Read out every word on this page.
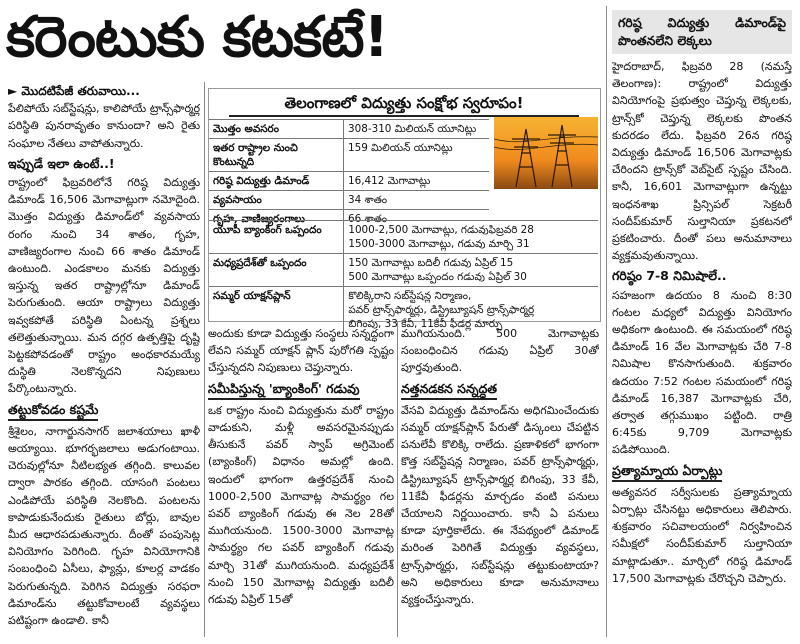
కరెంటుకు కటకటే!
► మొదటిపేజీ తరువాయి...

పేలిపోయే సబ్‌స్టేషన్లు, కాలిపోయే ట్రాన్స్‌ఫార్మర్ల పరిస్థితి పునరావృతం కానుందా? అని రైతు సంఘాల నేతలు వాపోతున్నారు.

ఇప్పుడే ఇలా ఉంటే..!

రాష్ట్రంలో ఫిబ్రవరిలోనే గరిష్ఠ విద్యుత్తు డిమాండ్ 16,506 మెగావాట్లుగా నమోదైంది. మొత్తం విద్యుత్తు డిమాండ్‌లో వ్యవసాయ రంగం నుంచి 34 శాతం, గృహ, వాణిజ్యరంగాల నుంచి 66 శాతం డిమాండ్ ఉంటుంది. ఎండకాలం మనకు విద్యుత్తు ఇస్తున్న ఇతర రాష్ట్రాల్లోనూ డిమాండ్ పెరుగుతుంది. ఆయా రాష్ట్రాలు విద్యుత్తు ఇవ్వకపోతే పరిస్థితి ఏంటన్న ప్రశ్నలు తలెత్తుతున్నాయి. మన దగ్గర ఉత్పత్తిపై దృష్టి పెట్టకపోవడంతో రాష్ట్రం అంధకారమయ్యే దుస్థితి నెలకొన్నదని నిపుణులు పేర్కొంటున్నారు.

తట్టుకోవడం కష్టమే

శ్రీశైలం, నాగార్జునసాగర్ జలాశయాలు ఖాళీ అయ్యాయి. భూగర్భజలాలు అడుగంటాయి. చెరువుల్లోనూ నీటిలభ్యత తగ్గింది. కాలువల ద్వారా పారకం తగ్గింది. యాసంగి పంటలు ఎండిపోయే పరిస్థితి నెలకొంది. పంటలను కాపాడుకునేందుకు రైతులు బోర్లు, బావుల మీద ఆధారపడుతున్నారు. దీంతో పంపుసెట్ల వినియోగం పెరిగింది. గృహ వినియోగానికి సంబంధించి ఏసీలు, ఫ్యాన్లు, కూలర్ల వాడకం పెరుగుతున్నది. పెరిగిన విద్యుత్తు సరఫరా డిమాండ్‌ను తట్టుకోవాలంటే వ్యవస్థలు పటిష్టంగా ఉండాలి. కానీ

తెలంగాణలో విద్యుత్తు సంక్షోభ స్వరూపం!
మొత్తం అవసరం	308-310 మిలియన్ యూనిట్లు
ఇతర రాష్ట్రాల నుంచి కొంటున్నది	159 మిలియన్ యూనిట్లు
గరిష్ఠ విద్యుత్తు డిమాండ్	16,412 మెగావాట్లు
వ్యవసాయం	34 శాతం
గృహ, వాణిజ్యరంగాలు	66 శాతం
యూపీ బ్యాంకింగ్ ఒప్పందం	1000-2,500 మెగావాట్లు, గడువుఫిబ్రవరి 28
1500-3000 మెగావాట్లు, గడువు మార్చి 31

మధ్యప్రదేశ్‌తో ఒప్పందం	150 మెగావాట్లు బదిలీ గడువు ఏప్రిల్ 15
500 మెగావాట్లు ఒప్పందం గడువు ఏప్రిల్ 30

సమ్మర్ యాక్షన్‌ప్లాన్	కొలిక్కిరాని సబ్‌స్టేషన్ల నిర్మాణం,
పవర్ ట్రాన్స్‌ఫార్మర్లు, డిస్ట్రిబ్యూషన్ ట్రాన్స్‌ఫార్మర్ల
బిగింపు, 33 కేవీ, 11కేవీ ఫీడర్ల మార్పు

అందుకు కూడా విద్యుత్తు సంస్థలు సన్నద్ధంగా లేవని సమ్మర్ యాక్షన్ ప్లాన్ పురోగతి స్పష్టం చేస్తున్నదని నిపుణులు చెప్తున్నారు.

సమీపిస్తున్న 'బ్యాంకింగ్' గడువు

ఒక రాష్ట్రం నుంచి విద్యుత్తును మరో రాష్ట్రం వాడుకుని, మళ్లీ అవసరమైనప్పుడు తీసుకునే పవర్ స్వాప్ అగ్రిమెంట్ (బ్యాంకింగ్) విధానం అమల్లో ఉంది. ఇందులో భాగంగా ఉత్తరప్రదేశ్ నుంచి 1000-2,500 మెగావాట్ల సామర్థ్యం గల పవర్ బ్యాంకింగ్ గడువు ఈ నెల 28తో ముగియనుంది. 1500-3000 మెగావాట్ల సామర్థ్యం గల పవర్ బ్యాంకింగ్ గడువు మార్చి 31తో ముగియనుంది. మధ్యప్రదేశ్ నుంచి 150 మెగావాట్ల విద్యుత్తు బదిలీ గడువు ఏప్రిల్ 15తో

ముగియనుంది. 500 మెగావాట్లకు సంబంధించిన గడువు ఏప్రిల్ 30తో పూర్తవుతుంది.

నత్తనడకన సన్నద్ధత

వేసవి విద్యుత్తు డిమాండ్‌ను అధిగమించేందుకు సమ్మర్ యాక్షన్‌ప్లాన్ పేరుతో డిస్కంలు చేపట్టిన పనులేవీ కొలిక్కి రాలేదు. ప్రణాళికలో భాగంగా కొత్త సబ్‌స్టేషన్ల నిర్మాణం, పవర్ ట్రాన్స్‌ఫార్మర్లు, డిస్ట్రిబ్యూషన్ ట్రాన్స్‌ఫార్మర్ల బిగింపు, 33 కేవీ, 11కేవీ ఫీడర్లను మార్చడం వంటి పనులు చేయాలని నిర్ణయించారు. కానీ ఏ పనులు కూడా పూర్తికాలేదు. ఈ నేపథ్యంలో డిమాండ్ మరింత పెరిగితే విద్యుత్తు వ్యవస్థలు, ట్రాన్స్‌ఫార్మర్లు, సబ్‌స్టేషన్లు తట్టుకుంటాయా? అని అధికారులు కూడా అనుమానాలు వ్యక్తంచేస్తున్నారు.

గరిష్ఠ విద్యుత్తు డిమాండ్‌పై పొంతనలేని లెక్కలు

హైదరాబాద్, ఫిబ్రవరి 28 (నమస్తే తెలంగాణ): రాష్ట్రంలో విద్యుత్తు వినియోగంపై ప్రభుత్వం చెప్తున్న లెక్కలకు, ట్రాన్స్‌కో చెప్తున్న లెక్కలకు పొంతన కుదరడం లేదు. ఫిబ్రవరి 26న గరిష్ఠ విద్యుత్తు డిమాండ్ 16,506 మెగావాట్లకు చేరిందని ట్రాన్స్‌కో వెబ్‌సైట్ స్పష్టం చేసింది. కానీ, 16,601 మెగావాట్లుగా ఉన్నట్టు ఇంధనశాఖ ప్రిన్సిపల్ సెక్రటరీ సందీప్‌కుమార్ సుల్తానియా ప్రకటనలో ప్రకటించారు. దీంతో పలు అనుమానాలు వ్యక్తమవుతున్నాయి.

గరిష్ఠం 7-8 నిమిషాలే..

సహజంగా ఉదయం 8 నుంచి 8:30 గంటల మధ్యలో విద్యుత్తు వినియోగం అధికంగా ఉంటుంది. ఈ సమయంలో గరిష్ఠ డిమాండ్ 16 వేల మెగావాట్లకు చేరి 7-8 నిమిషాల కొనసాగుతుంది. శుక్రవారం ఉదయం 7:52 గంటల సమయంలో గరిష్ఠ డిమాండ్ 16,387 మెగావాట్లకు చేరి, తర్వాత తగ్గుముఖం పట్టింది. రాత్రి 6:45కు 9,709 మెగావాట్లకు పడిపోయింది.

ప్రత్యామ్నాయ ఏర్పాట్లు

అత్యవసర సర్వీసులకు ప్రత్యామ్నాయ ఏర్పాట్లు చేసినట్టు అధికారులు తెలిపారు. శుక్రవారం సచివాలయంలో నిర్వహించిన సమీక్షలో సందీప్‌కుమార్ సుల్తానియా మాట్లాడుతూ.. మార్చిలో గరిష్ఠ డిమాండ్ 17,500 మెగావాట్లకు చేరొచ్చని చెప్పారు.
